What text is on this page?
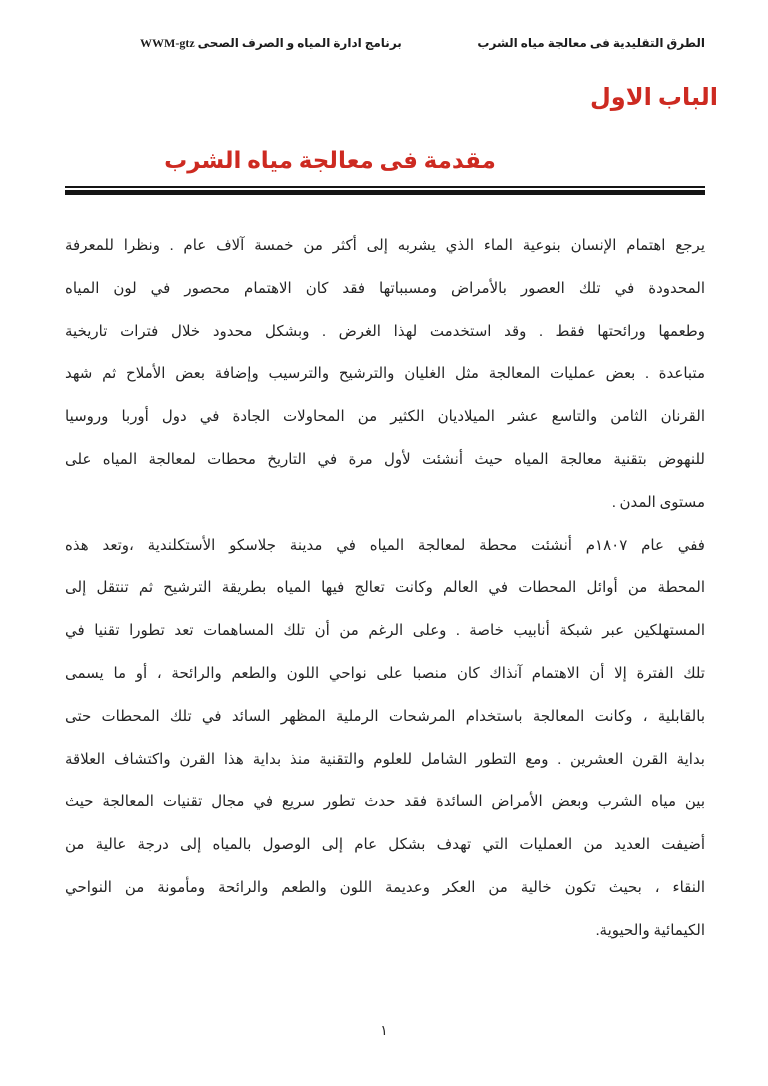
الطرق التقليدية فى معالجة مياه الشرب
برنامج ادارة المياه و الصرف الصحى WWM-gtz
الباب الاول
مقدمة فى معالجة مياه الشرب
يرجع اهتمام الإنسان بنوعية الماء الذي يشربه إلى أكثر من خمسة آلاف عام . ونظرا للمعرفة
المحدودة في تلك العصور بالأمراض ومسبباتها فقد كان الاهتمام محصور في لون المياه
وطعمها ورائحتها فقط . وقد استخدمت لهذا الغرض . وبشكل محدود خلال فترات تاريخية
متباعدة . بعض عمليات المعالجة مثل الغليان والترشيح والترسيب وإضافة بعض الأملاح ثم شهد
القرنان الثامن والتاسع عشر الميلاديان الكثير من المحاولات الجادة في دول أوربا وروسيا
للنهوض بتقنية معالجة المياه حيث أنشئت لأول مرة في التاريخ محطات لمعالجة المياه على
مستوى المدن .
ففي عام ١٨٠٧م أنشئت محطة لمعالجة المياه في مدينة جلاسكو الأستكلندية ،وتعد هذه
المحطة من أوائل المحطات في العالم وكانت تعالج فيها المياه بطريقة الترشيح ثم تنتقل إلى
المستهلكين عبر شبكة أنابيب خاصة . وعلى الرغم من أن تلك المساهمات تعد تطورا تقنيا في
تلك الفترة إلا أن الاهتمام آنذاك كان منصبا على نواحي اللون والطعم والرائحة ، أو ما يسمى
بالقابلية ، وكانت المعالجة باستخدام المرشحات الرملية المظهر السائد في تلك المحطات حتى
بداية القرن العشرين . ومع التطور الشامل للعلوم والتقنية منذ بداية هذا القرن واكتشاف العلاقة
بين مياه الشرب وبعض الأمراض السائدة فقد حدث تطور سريع في مجال تقنيات المعالجة حيث
أضيفت العديد من العمليات التي تهدف بشكل عام إلى الوصول بالمياه إلى درجة عالية من
النقاء ، بحيث تكون خالية من العكر وعديمة اللون والطعم والرائحة ومأمونة من النواحي
الكيمائية والحيوية.
١
